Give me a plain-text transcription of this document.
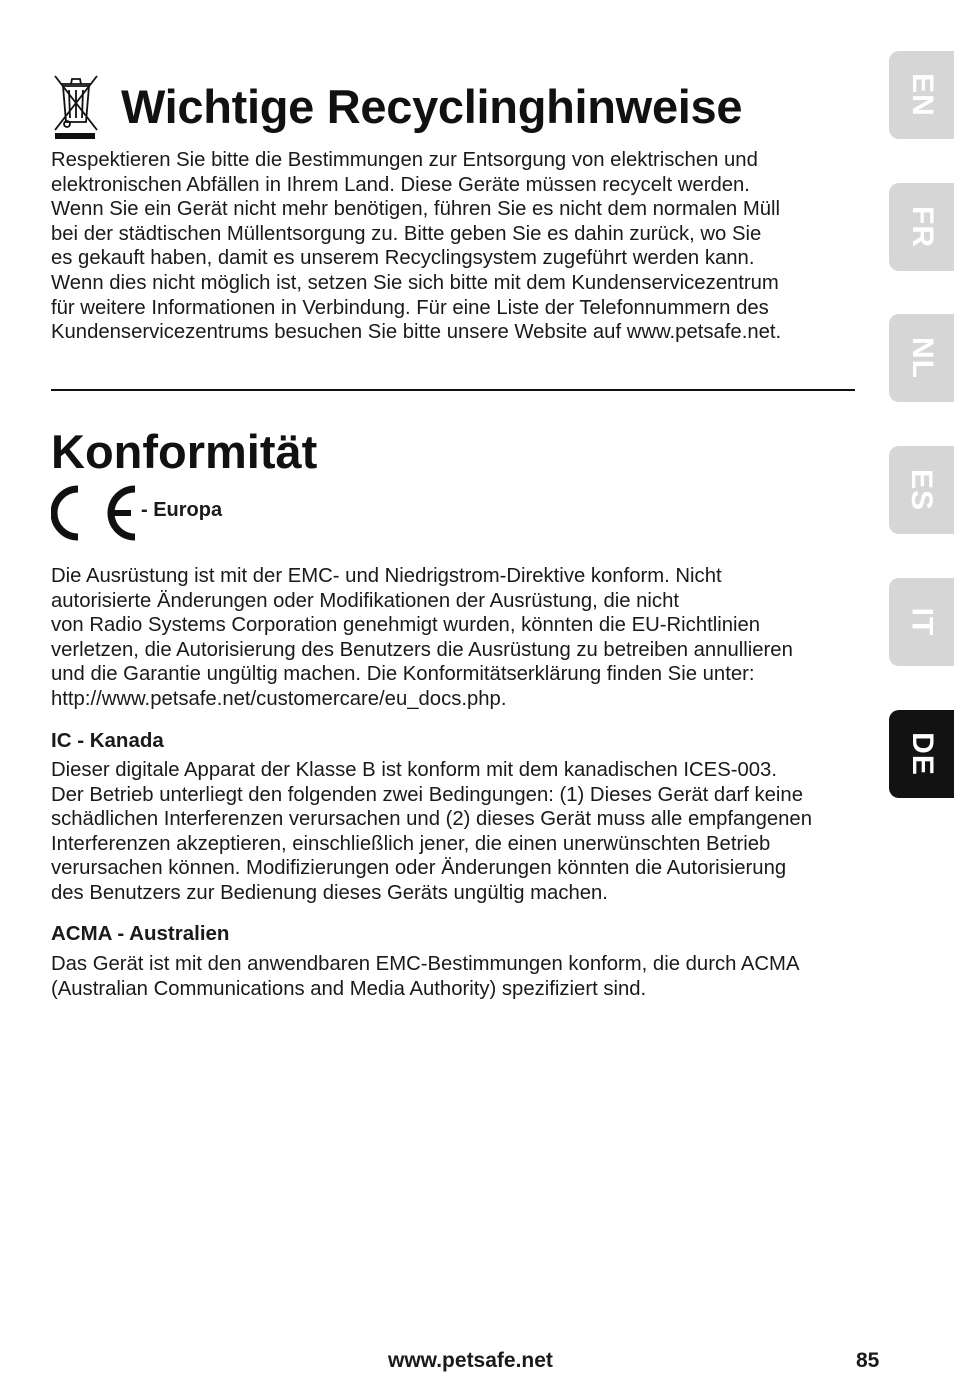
Wichtige Recyclinghinweise

Respektieren Sie bitte die Bestimmungen zur Entsorgung von elektrischen und
elektronischen Abfällen in Ihrem Land. Diese Geräte müssen recycelt werden.
Wenn Sie ein Gerät nicht mehr benötigen, führen Sie es nicht dem normalen Müll
bei der städtischen Müllentsorgung zu. Bitte geben Sie es dahin zurück, wo Sie
es gekauft haben, damit es unserem Recyclingsystem zugeführt werden kann.
Wenn dies nicht möglich ist, setzen Sie sich bitte mit dem Kundenservicezentrum
für weitere Informationen in Verbindung. Für eine Liste der Telefonnummern des
Kundenservicezentrums besuchen Sie bitte unsere Website auf www.petsafe.net.

Konformität
- Europa

Die Ausrüstung ist mit der EMC- und Niedrigstrom-Direktive konform. Nicht
autorisierte Änderungen oder Modifikationen der Ausrüstung, die nicht
von Radio Systems Corporation genehmigt wurden, könnten die EU-Richtlinien
verletzen, die Autorisierung des Benutzers die Ausrüstung zu betreiben annullieren
und die Garantie ungültig machen. Die Konformitätserklärung finden Sie unter:
http://www.petsafe.net/customercare/eu_docs.php.

IC - Kanada

Dieser digitale Apparat der Klasse B ist konform mit dem kanadischen ICES-003.
Der Betrieb unterliegt den folgenden zwei Bedingungen: (1) Dieses Gerät darf keine
schädlichen Interferenzen verursachen und (2) dieses Gerät muss alle empfangenen
Interferenzen akzeptieren, einschließlich jener, die einen unerwünschten Betrieb
verursachen können. Modifizierungen oder Änderungen könnten die Autorisierung
des Benutzers zur Bedienung dieses Geräts ungültig machen.

ACMA - Australien

Das Gerät ist mit den anwendbaren EMC-Bestimmungen konform, die durch ACMA
(Australian Communications and Media Authority) spezifiziert sind.

EN
FR
NL
ES
IT
DE
www.petsafe.net	85
